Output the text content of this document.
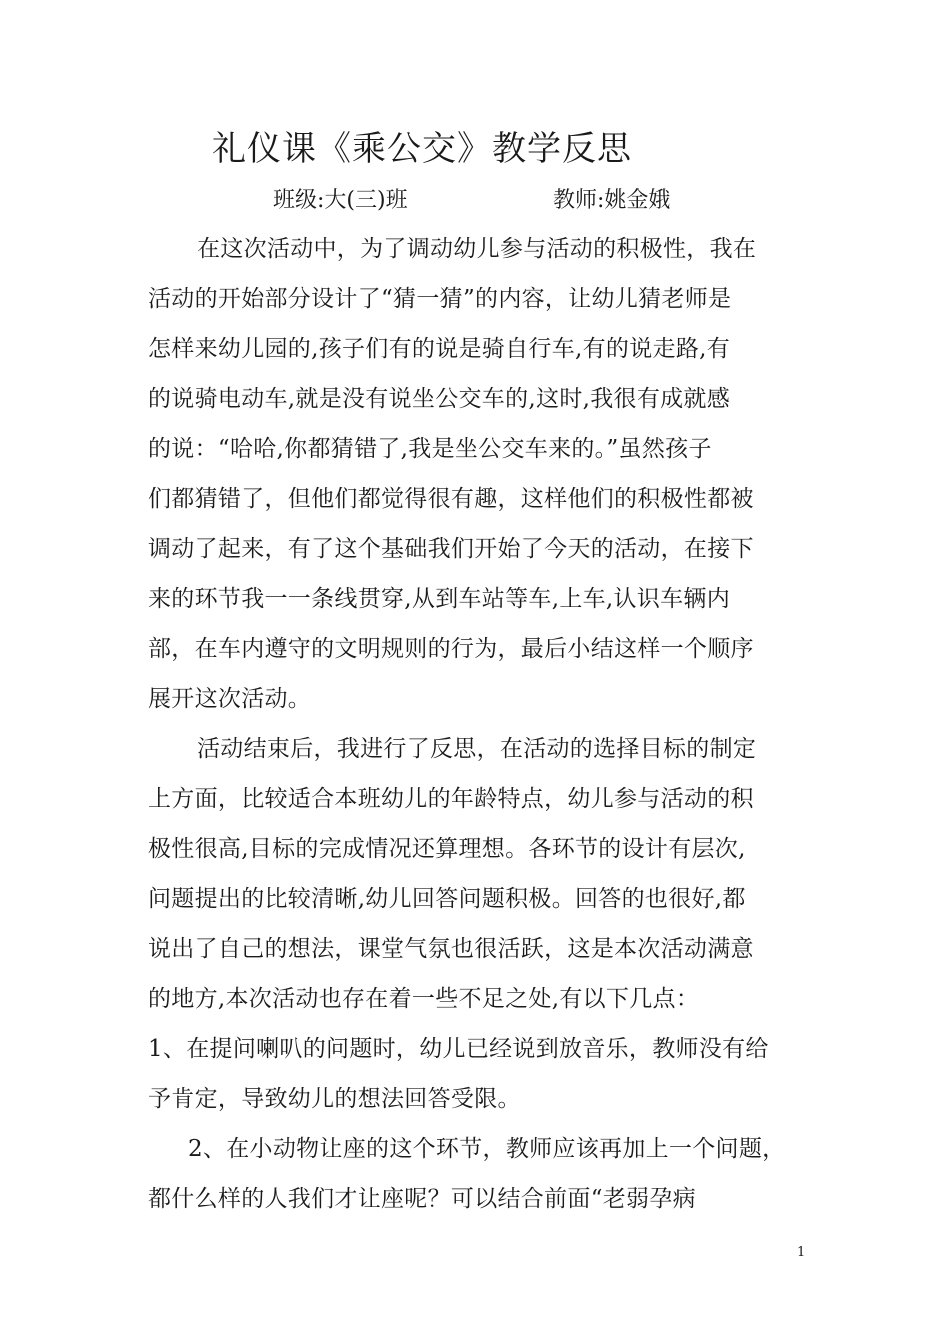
礼仪课《乘公交》教学反思
班级:大(三)班	教师:姚金娥
在这次活动中，为了调动幼儿参与活动的积极性，我在
活动的开始部分设计了“猜一猜”的内容，让幼儿猜老师是
怎样来幼儿园的,孩子们有的说是骑自行车,有的说走路,有
的说骑电动车,就是没有说坐公交车的,这时,我很有成就感
的说：“哈哈,你都猜错了,我是坐公交车来的。”虽然孩子
们都猜错了，但他们都觉得很有趣，这样他们的积极性都被
调动了起来，有了这个基础我们开始了今天的活动，在接下
来的环节我一一条线贯穿,从到车站等车,上车,认识车辆内
部，在车内遵守的文明规则的行为，最后小结这样一个顺序
展开这次活动。
活动结束后，我进行了反思，在活动的选择目标的制定
上方面，比较适合本班幼儿的年龄特点，幼儿参与活动的积
极性很高,目标的完成情况还算理想。各环节的设计有层次,
问题提出的比较清晰,幼儿回答问题积极。回答的也很好,都
说出了自己的想法，课堂气氛也很活跃，这是本次活动满意
的地方,本次活动也存在着一些不足之处,有以下几点：
1、在提问喇叭的问题时，幼儿已经说到放音乐，教师没有给
予肯定，导致幼儿的想法回答受限。
2、在小动物让座的这个环节，教师应该再加上一个问题，
都什么样的人我们才让座呢？可以结合前面“老弱孕病
1
